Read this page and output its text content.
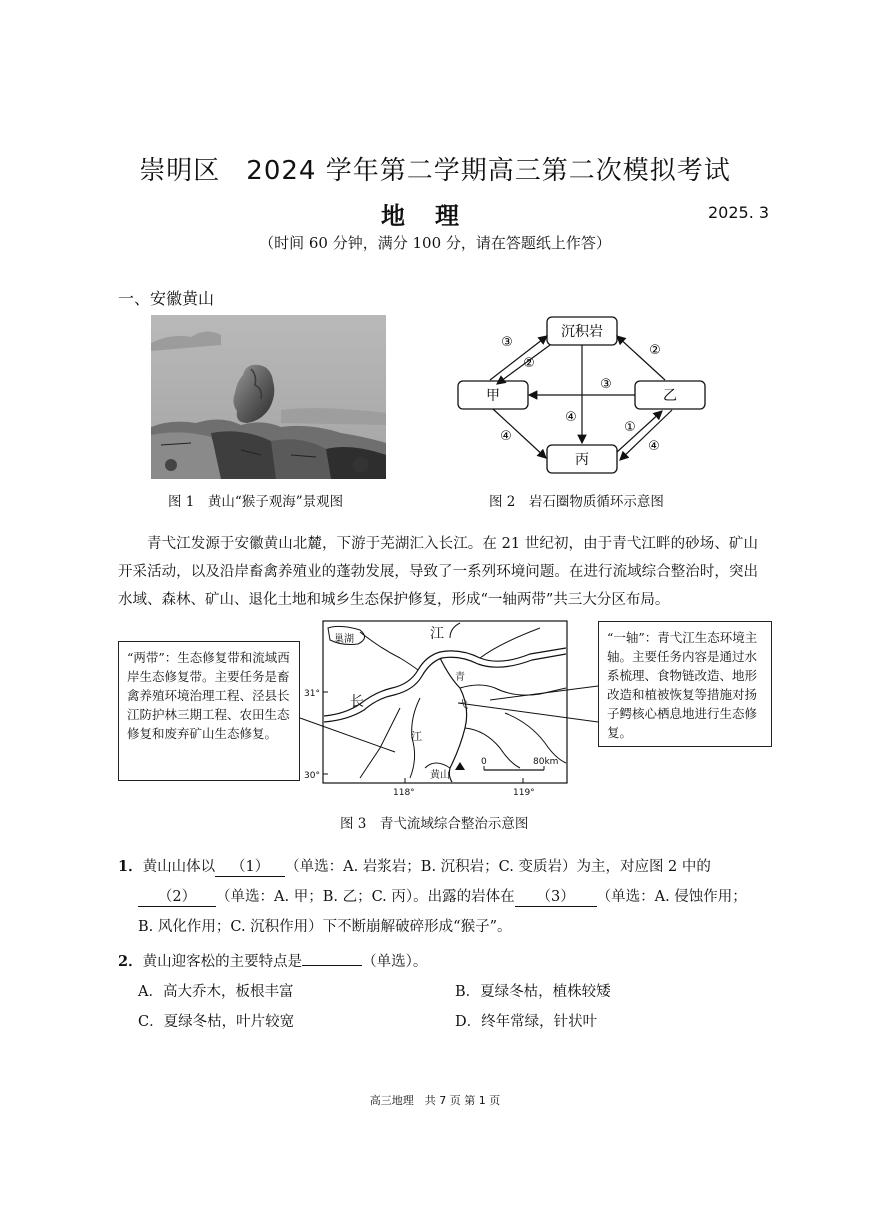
崇明区 2024 学年第二学期高三第二次模拟考试
地理	2025. 3
（时间 60 分钟，满分 100 分，请在答题纸上作答）
一、安徽黄山
图 1　黄山“猴子观海”景观图
沉积岩
甲	乙
丙
③
②
②
③
④
④
①
④
图 2　岩石圈物质循环示意图
青弋江发源于安徽黄山北麓，下游于芜湖汇入长江。在 21 世纪初，由于青弋江畔的砂场、矿山开采活动，以及沿岸畜禽养殖业的蓬勃发展，导致了一系列环境问题。在进行流域综合整治时，突出水域、森林、矿山、退化土地和城乡生态保护修复，形成“一轴两带”共三大分区布局。
巢湖	江
长
江
青
弋
黄山
31°
30°
118°	119°
0	80km
“两带”：生态修复带和流域西岸生态修复带。主要任务是畜禽养殖环境治理工程、泾县长江防护林三期工程、农田生态修复和废弃矿山生态修复。
“一轴”：青弋江生态环境主轴。主要任务内容是通过水系梳理、食物链改造、地形改造和植被恢复等措施对扬子鳄核心栖息地进行生态修复。
图 3　青弋流域综合整治示意图
1．黄山山体以 （1） （单选：A. 岩浆岩；B. 沉积岩；C. 变质岩）为主，对应图 2 中的
（2） （单选：A. 甲；B. 乙；C. 丙）。出露的岩体在 （3） （单选：A. 侵蚀作用；
B. 风化作用；C. 沉积作用）下不断崩解破碎形成“猴子”。
2．黄山迎客松的主要特点是	（单选）。
A．高大乔木，板根丰富	B．夏绿冬枯，植株较矮
C．夏绿冬枯，叶片较宽	D．终年常绿，针状叶
高三地理　共 7 页 第 1 页
